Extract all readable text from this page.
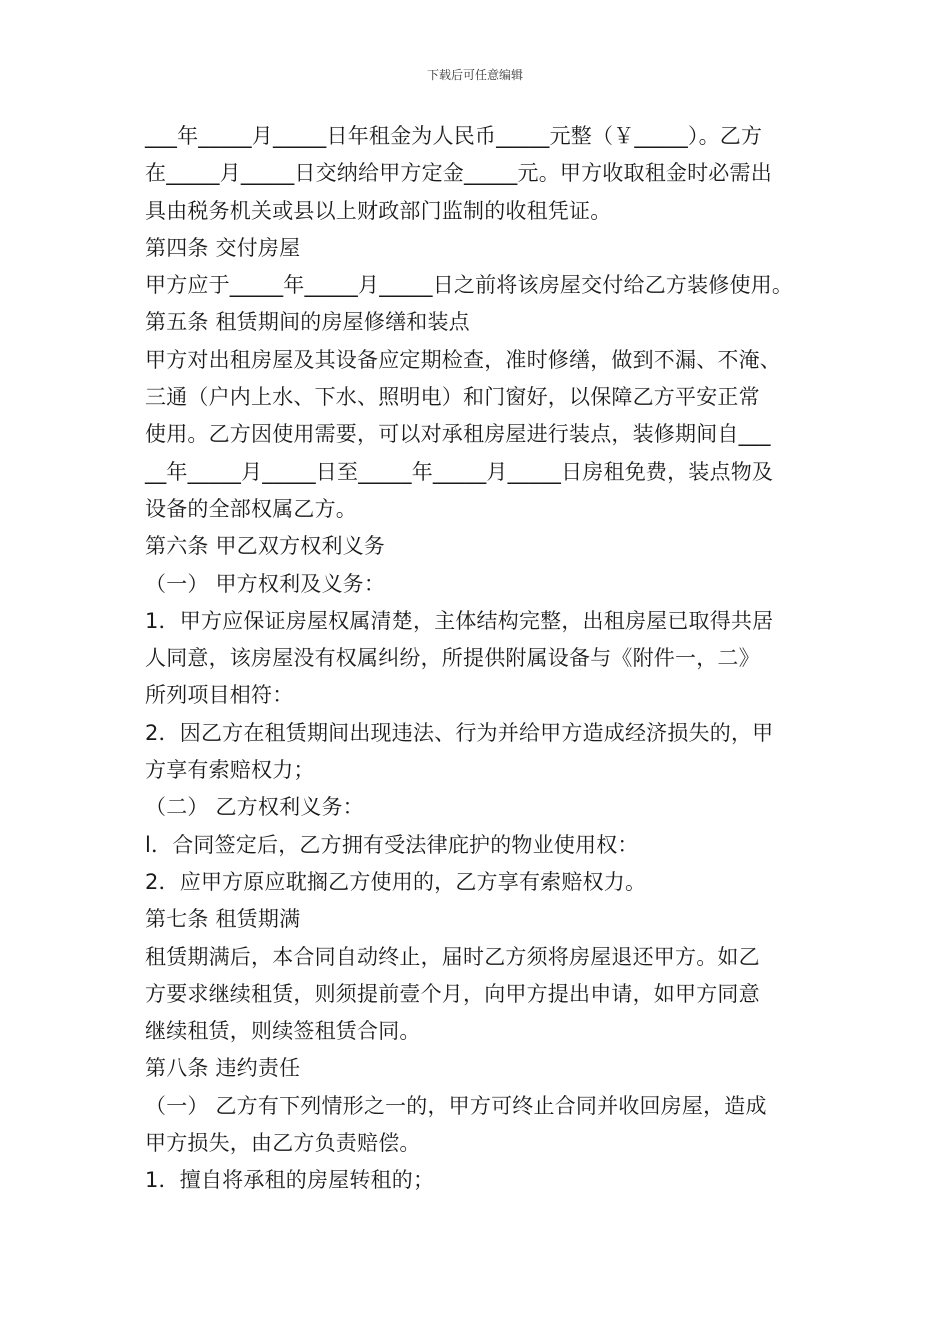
下载后可任意编辑
___年_____月_____日年租金为人民币_____元整（￥_____）。乙方
在_____月_____日交纳给甲方定金_____元。甲方收取租金时必需出
具由税务机关或县以上财政部门监制的收租凭证。
第四条 交付房屋
甲方应于_____年_____月_____日之前将该房屋交付给乙方装修使用。
第五条 租赁期间的房屋修缮和装点
甲方对出租房屋及其设备应定期检查，准时修缮，做到不漏、不淹、
三通（户内上水、下水、照明电）和门窗好，以保障乙方平安正常
使用。乙方因使用需要，可以对承租房屋进行装点，装修期间自___
__年_____月_____日至_____年_____月_____日房租免费，装点物及
设备的全部权属乙方。
第六条 甲乙双方权利义务
（一） 甲方权利及义务：
1．甲方应保证房屋权属清楚，主体结构完整，出租房屋已取得共居
人同意，该房屋没有权属纠纷，所提供附属设备与《附件一，二》
所列项目相符：
2．因乙方在租赁期间出现违法、行为并给甲方造成经济损失的，甲
方享有索赔权力；
（二） 乙方权利义务：
l．合同签定后，乙方拥有受法律庇护的物业使用权：
2．应甲方原应耽搁乙方使用的，乙方享有索赔权力。
第七条 租赁期满
租赁期满后，本合同自动终止，届时乙方须将房屋退还甲方。如乙
方要求继续租赁，则须提前壹个月，向甲方提出申请，如甲方同意
继续租赁，则续签租赁合同。
第八条 违约责任
（一） 乙方有下列情形之一的，甲方可终止合同并收回房屋，造成
甲方损失，由乙方负责赔偿。
1．擅自将承租的房屋转租的；
